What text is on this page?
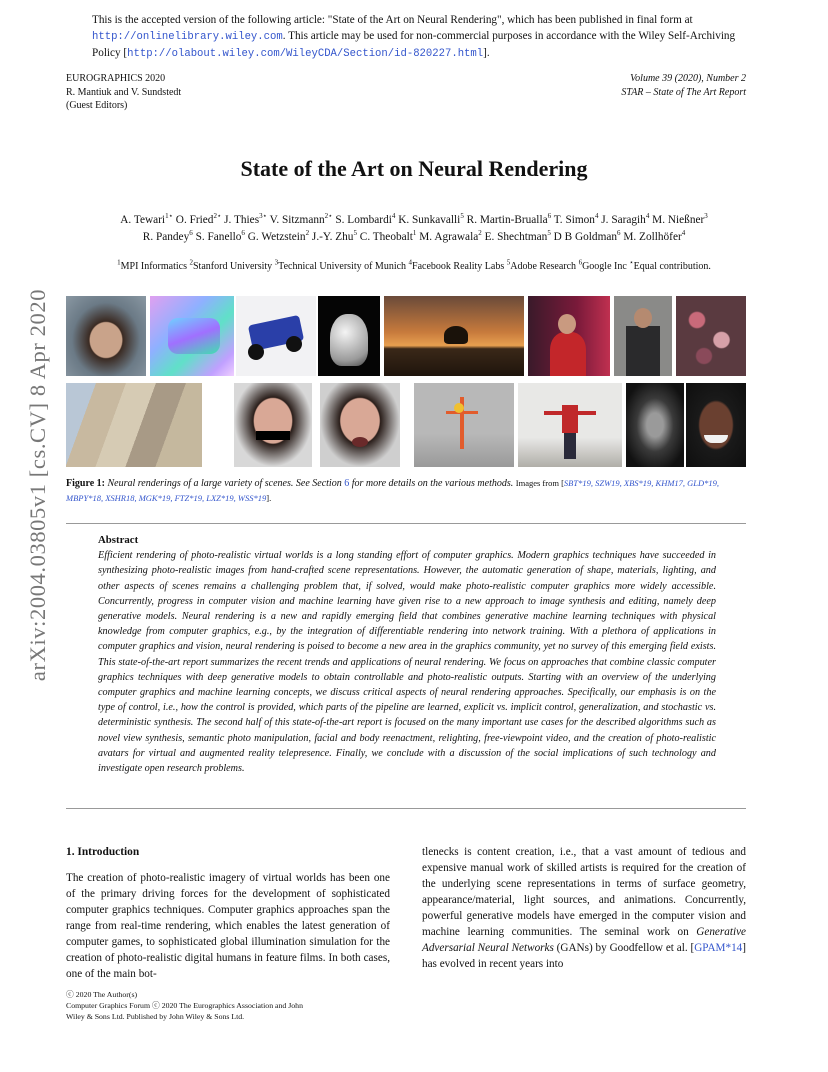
This is the accepted version of the following article: "State of the Art on Neural Rendering", which has been published in final form at http://onlinelibrary.wiley.com. This article may be used for non-commercial purposes in accordance with the Wiley Self-Archiving Policy [http://olabout.wiley.com/WileyCDA/Section/id-820227.html].
EUROGRAPHICS 2020
R. Mantiuk and V. Sundstedt
(Guest Editors)
Volume 39 (2020), Number 2
STAR – State of The Art Report
State of the Art on Neural Rendering
A. Tewari$^{1⋆}$ O. Fried$^{2⋆}$ J. Thies$^{3⋆}$ V. Sitzmann$^{2⋆}$ S. Lombardi$^4$ K. Sunkavalli$^5$ R. Martin-Brualla$^6$ T. Simon$^4$ J. Saragih$^4$ M. Nießner$^3$
R. Pandey$^6$ S. Fanello$^6$ G. Wetzstein$^2$ J.-Y. Zhu$^5$ C. Theobalt$^1$ M. Agrawala$^2$ E. Shechtman$^5$ D B Goldman$^6$ M. Zollhöfer$^4$
$^1$MPI Informatics $^2$Stanford University $^3$Technical University of Munich $^4$Facebook Reality Labs $^5$Adobe Research $^6$Google Inc ⋆Equal contribution.
arXiv:2004.03805v1 [cs.CV] 8 Apr 2020 Figure 1: Neural renderings of a large variety of scenes. See Section 6 for more details on the various methods. Images from [SBT*19, SZW19, XBS*19, KHM17, GLD*19, MBPY*18, XSHR18, MGK*19, FTZ*19, LXZ*19, WSS*19].
Abstract

Efficient rendering of photo-realistic virtual worlds is a long standing effort of computer graphics. Modern graphics techniques have succeeded in synthesizing photo-realistic images from hand-crafted scene representations. However, the automatic generation of shape, materials, lighting, and other aspects of scenes remains a challenging problem that, if solved, would make photo-realistic computer graphics more widely accessible. Concurrently, progress in computer vision and machine learning have given rise to a new approach to image synthesis and editing, namely deep generative models. Neural rendering is a new and rapidly emerging field that combines generative machine learning techniques with physical knowledge from computer graphics, e.g., by the integration of differentiable rendering into network training. With a plethora of applications in computer graphics and vision, neural rendering is poised to become a new area in the graphics community, yet no survey of this emerging field exists. This state-of-the-art report summarizes the recent trends and applications of neural rendering. We focus on approaches that combine classic computer graphics techniques with deep generative models to obtain controllable and photo-realistic outputs. Starting with an overview of the underlying computer graphics and machine learning concepts, we discuss critical aspects of neural rendering approaches. Specifically, our emphasis is on the type of control, i.e., how the control is provided, which parts of the pipeline are learned, explicit vs. implicit control, generalization, and stochastic vs. deterministic synthesis. The second half of this state-of-the-art report is focused on the many important use cases for the described algorithms such as novel view synthesis, semantic photo manipulation, facial and body reenactment, relighting, free-viewpoint video, and the creation of photo-realistic avatars for virtual and augmented reality telepresence. Finally, we conclude with a discussion of the social implications of such technology and investigate open research problems.

1. Introduction

The creation of photo-realistic imagery of virtual worlds has been one of the primary driving forces for the development of sophisticated computer graphics techniques. Computer graphics approaches span the range from real-time rendering, which enables the latest generation of computer games, to sophisticated global illumination simulation for the creation of photo-realistic digital humans in feature films. In both cases, one of the main bot-

tlenecks is content creation, i.e., that a vast amount of tedious and expensive manual work of skilled artists is required for the creation of the underlying scene representations in terms of surface geometry, appearance/material, light sources, and animations. Concurrently, powerful generative models have emerged in the computer vision and machine learning communities. The seminal work on Generative Adversarial Neural Networks (GANs) by Goodfellow et al. [GPAM*14] has evolved in recent years into

ⓒ 2020 The Author(s)

Computer Graphics Forum ⓒ 2020 The Eurographics Association and John

Wiley & Sons Ltd. Published by John Wiley & Sons Ltd.
